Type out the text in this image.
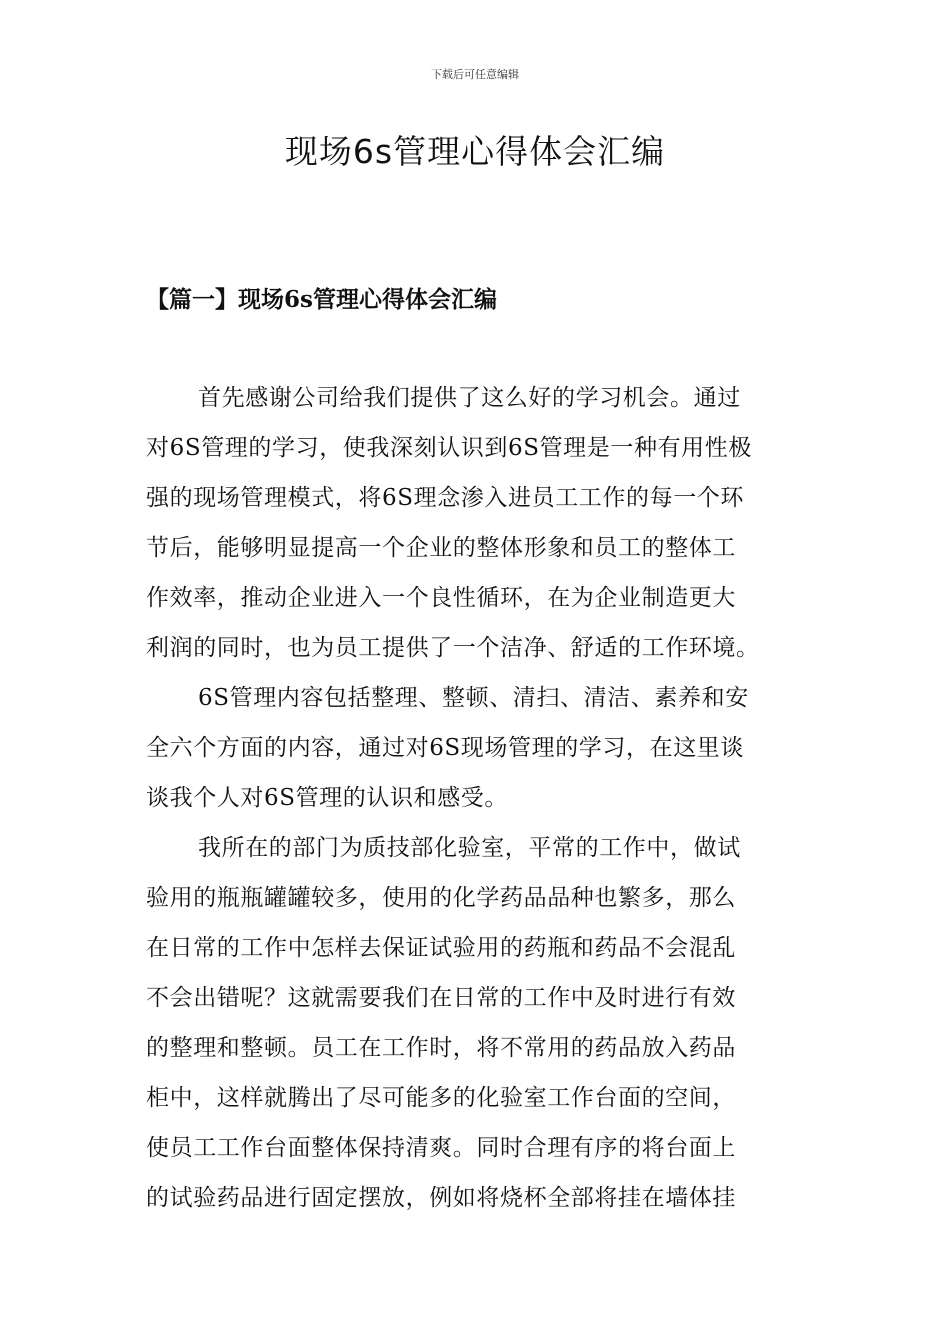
下载后可任意编辑
现场6s管理心得体会汇编
【篇一】现场6s管理心得体会汇编
首先感谢公司给我们提供了这么好的学习机会。通过
对6S管理的学习，使我深刻认识到6S管理是一种有用性极
强的现场管理模式，将6S理念渗入进员工工作的每一个环
节后，能够明显提高一个企业的整体形象和员工的整体工
作效率，推动企业进入一个良性循环，在为企业制造更大
利润的同时，也为员工提供了一个洁净、舒适的工作环境。
6S管理内容包括整理、整顿、清扫、清洁、素养和安
全六个方面的内容，通过对6S现场管理的学习，在这里谈
谈我个人对6S管理的认识和感受。
我所在的部门为质技部化验室，平常的工作中，做试
验用的瓶瓶罐罐较多，使用的化学药品品种也繁多，那么
在日常的工作中怎样去保证试验用的药瓶和药品不会混乱
不会出错呢？这就需要我们在日常的工作中及时进行有效
的整理和整顿。员工在工作时，将不常用的药品放入药品
柜中，这样就腾出了尽可能多的化验室工作台面的空间，
使员工工作台面整体保持清爽。同时合理有序的将台面上
的试验药品进行固定摆放，例如将烧杯全部将挂在墙体挂
